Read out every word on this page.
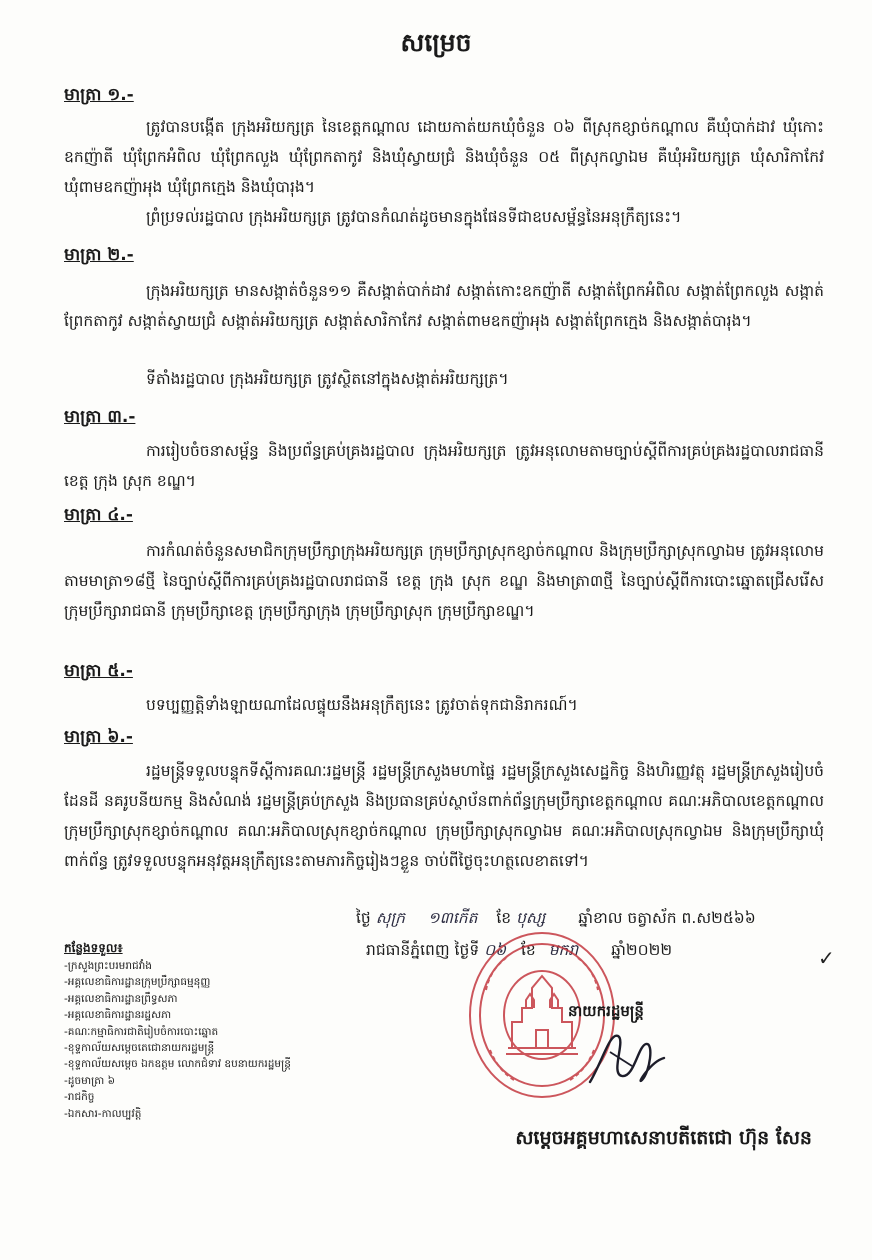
សម្រេច
មាត្រា ១.-
ត្រូវបានបង្កើត ក្រុងអរិយក្សត្រ នៃខេត្តកណ្ដាល ដោយកាត់យកឃុំចំនួន ០៦ ពីស្រុកខ្សាច់កណ្ដាល គឺឃុំបាក់ដាវ ឃុំកោះឧកញ៉ាតី ឃុំព្រែកអំពិល ឃុំព្រែកលួង ឃុំព្រែកតាកូវ និងឃុំស្វាយជ្រំ និងឃុំចំនួន ០៥ ពីស្រុកល្វាឯម គឺឃុំអរិយក្សត្រ ឃុំសារិកាកែវ ឃុំពាមឧកញ៉ាអុង ឃុំព្រែកក្មេង និងឃុំបារុង។
ព្រំប្រទល់រដ្ឋបាល ក្រុងអរិយក្សត្រ ត្រូវបានកំណត់ដូចមានក្នុងផែនទីជាឧបសម្ព័ន្ធនៃអនុក្រឹត្យនេះ។
មាត្រា ២.-
ក្រុងអរិយក្សត្រ មានសង្កាត់ចំនួន១១ គឺសង្កាត់បាក់ដាវ សង្កាត់កោះឧកញ៉ាតី សង្កាត់ព្រែកអំពិល សង្កាត់ព្រែកលួង សង្កាត់ព្រែកតាកូវ សង្កាត់ស្វាយជ្រំ សង្កាត់អរិយក្សត្រ សង្កាត់សារិកាកែវ សង្កាត់ពាមឧកញ៉ាអុង សង្កាត់ព្រែកក្មេង និងសង្កាត់បារុង។
ទីតាំងរដ្ឋបាល ក្រុងអរិយក្សត្រ ត្រូវស្ថិតនៅក្នុងសង្កាត់អរិយក្សត្រ។
មាត្រា ៣.-
ការរៀបចំចនាសម្ព័ន្ធ និងប្រព័ន្ធគ្រប់គ្រងរដ្ឋបាល ក្រុងអរិយក្សត្រ ត្រូវអនុលោមតាមច្បាប់ស្ដីពីការគ្រប់គ្រងរដ្ឋបាលរាជធានី ខេត្ត ក្រុង ស្រុក ខណ្ឌ។
មាត្រា ៤.-
ការកំណត់ចំនួនសមាជិកក្រុមប្រឹក្សាក្រុងអរិយក្សត្រ ក្រុមប្រឹក្សាស្រុកខ្សាច់កណ្ដាល និងក្រុមប្រឹក្សាស្រុកល្វាឯម ត្រូវអនុលោមតាមមាត្រា១៨ថ្មី នៃច្បាប់ស្ដីពីការគ្រប់គ្រងរដ្ឋបាលរាជធានី ខេត្ត ក្រុង ស្រុក ខណ្ឌ និងមាត្រា៣ថ្មី នៃច្បាប់ស្ដីពីការបោះឆ្នោតជ្រើសរើសក្រុមប្រឹក្សារាជធានី ក្រុមប្រឹក្សាខេត្ត ក្រុមប្រឹក្សាក្រុង ក្រុមប្រឹក្សាស្រុក ក្រុមប្រឹក្សាខណ្ឌ។
មាត្រា ៥.-
បទប្បញ្ញត្តិទាំងឡាយណាដែលផ្ទុយនឹងអនុក្រឹត្យនេះ ត្រូវចាត់ទុកជានិរាករណ៍។
មាត្រា ៦.-
រដ្ឋមន្ត្រីទទួលបន្ទុកទីស្ដីការគណៈរដ្ឋមន្ត្រី រដ្ឋមន្ត្រីក្រសួងមហាផ្ទៃ រដ្ឋមន្ត្រីក្រសួងសេដ្ឋកិច្ច និងហិរញ្ញវត្ថុ រដ្ឋមន្ត្រីក្រសួងរៀបចំដែនដី នគរូបនីយកម្ម និងសំណង់ រដ្ឋមន្ត្រីគ្រប់ក្រសួង និងប្រធានគ្រប់ស្ថាប័នពាក់ព័ន្ធក្រុមប្រឹក្សាខេត្តកណ្ដាល គណៈអភិបាលខេត្តកណ្ដាល ក្រុមប្រឹក្សាស្រុកខ្សាច់កណ្ដាល គណៈអភិបាលស្រុកខ្សាច់កណ្ដាល ក្រុមប្រឹក្សាស្រុកល្វាឯម គណៈអភិបាលស្រុកល្វាឯម និងក្រុមប្រឹក្សាឃុំពាក់ព័ន្ធ ត្រូវទទួលបន្ទុកអនុវត្តអនុក្រឹត្យនេះតាមភារកិច្ចរៀងៗខ្លួន ចាប់ពីថ្ងៃចុះហត្ថលេខាតទៅ។
ថ្ងៃ សុក្រ ១៣កើត ខែ បុស្ស ឆ្នាំខាល ចត្វាស័ក ព.ស២៥៦៦
រាជធានីភ្នំពេញ ថ្ងៃទី ០៦ ខែ មករា ឆ្នាំ២០២២	✓
កន្លែងទទួល៖
-ក្រសួងព្រះបរមរាជវាំង
-អគ្គលេខាធិការដ្ឋានក្រុមប្រឹក្សាធម្មនុញ្ញ
-អគ្គលេខាធិការដ្ឋានព្រឹទ្ធសភា
-អគ្គលេខាធិការដ្ឋានរដ្ឋសភា
-គណៈកម្មាធិការជាតិរៀបចំការបោះឆ្នោត
-ខុទ្ទកាល័យសម្ដេចតេជោនាយករដ្ឋមន្ត្រី
-ខុទ្ទកាល័យសម្ដេច ឯកឧត្ដម លោកជំទាវ ឧបនាយករដ្ឋមន្ត្រី
-ដូចមាត្រា ៦
-រាជកិច្ច
-ឯកសារ-កាលប្បវត្តិ
នាយករដ្ឋមន្ត្រី
សម្ដេចអគ្គមហាសេនាបតីតេជោ ហ៊ុន សែន
